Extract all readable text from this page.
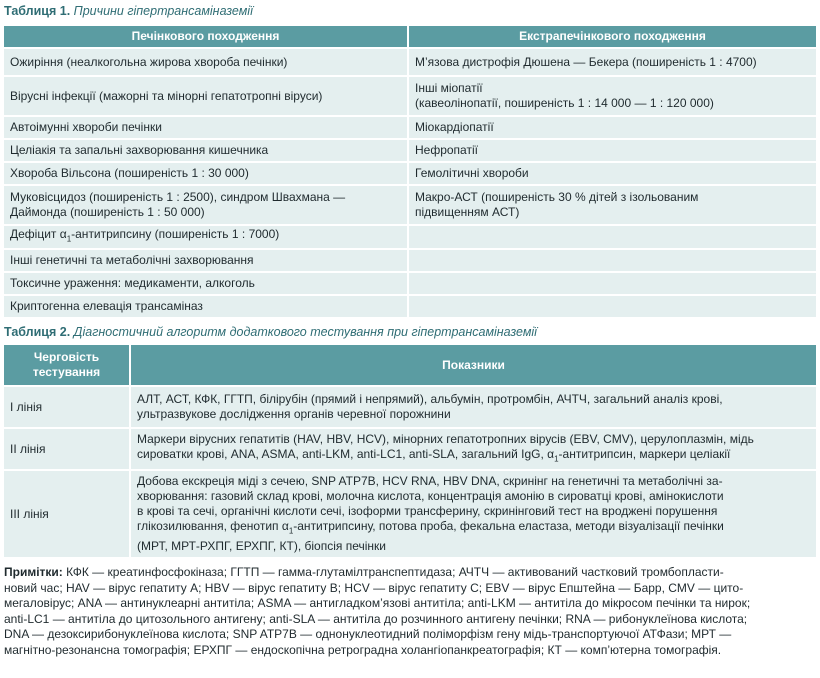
Таблиця 1. Причини гіпертрансаміназемії
Печінкового походження	Екстрапечінкового походження
Ожиріння (неалкогольна жирова хвороба печінки)	М’язова дистрофія Дюшена — Бекера (поширеність 1 : 4700)
Вірусні інфекції (мажорні та мінорні гепатотропні віруси)	Інші міопатії
(кавеолінопатії, поширеність 1 : 14 000 — 1 : 120 000)
Автоімунні хвороби печінки	Міокардіопатії
Целіакія та запальні захворювання кишечника	Нефропатії
Хвороба Вільсона (поширеність 1 : 30 000)	Гемолітичні хвороби
Муковісцидоз (поширеність 1 : 2500), синдром Швахмана —
Даймонда (поширеність 1 : 50 000)	Макро-АСТ (поширеність 30 % дітей з ізольованим
підвищенням АСТ)
Дефіцит $\alpha_1$-антитрипсину (поширеність 1 : 7000)	
Інші генетичні та метаболічні захворювання	
Токсичне ураження: медикаменти, алкоголь	
Криптогенна елевація трансаміназ	
Таблиця 2. Діагностичний алгоритм додаткового тестування при гіпертрансаміназемії
Черговість
тестування	Показники
І лінія	АЛТ, АСТ, КФК, ГГТП, білірубін (прямий і непрямий), альбумін, протромбін, АЧТЧ, загальний аналіз крові,
ультразвукове дослідження органів черевної порожнини
ІІ лінія	Маркери вірусних гепатитів (HAV, HBV, HCV), мінорних гепатотропних вірусів (EBV, CMV), церулоплазмін, мідь
сироватки крові, ANA, ASMA, anti-LKM, anti-LC1, anti-SLA, загальний IgG, $\alpha_1$-антитрипсин, маркери целіакії
ІІІ лінія	Добова екскреція міді з сечею, SNP ATP7B, HCV RNA, HBV DNA, скринінг на генетичні та метаболічні за-
хворювання: газовий склад крові, молочна кислота, концентрація амонію в сироватці крові, амінокислоти
в крові та сечі, органічні кислоти сечі, ізоформи трансферину, скринінговий тест на вроджені порушення
глікозилювання, фенотип $\alpha_1$-антитрипсину, потова проба, фекальна еластаза, методи візуалізації печінки
(МРТ, МРТ-РХПГ, ЕРХПГ, КТ), біопсія печінки
Примітки: КФК — креатинфосфокіназа; ГГТП — гамма-глутамілтранспептидаза; АЧТЧ — активований частковий тромбопласти-
новий час; HAV — вірус гепатиту А; HBV — вірус гепатиту В; HCV — вірус гепатиту С; EBV — вірус Епштейна — Барр, CMV — цито-
мегаловірус; ANA — антинуклеарні антитіла; ASMA — антигладком’язові антитіла; anti-LKM — антитіла до мікросом печінки та нирок;
anti-LC1 — антитіла до цитозольного антигену; anti-SLA — антитіла до розчинного антигену печінки; RNA — рибонуклеїнова кислота;
DNA — дезоксирибонуклеїнова кислота; SNP ATP7B — однонуклеотидний поліморфізм гену мідь-транспортуючої АТФази; МРТ —
магнітно-резонансна томографія; ЕРХПГ — ендоскопічна ретроградна холангіопанкреатографія; КТ — комп’ютерна томографія.
